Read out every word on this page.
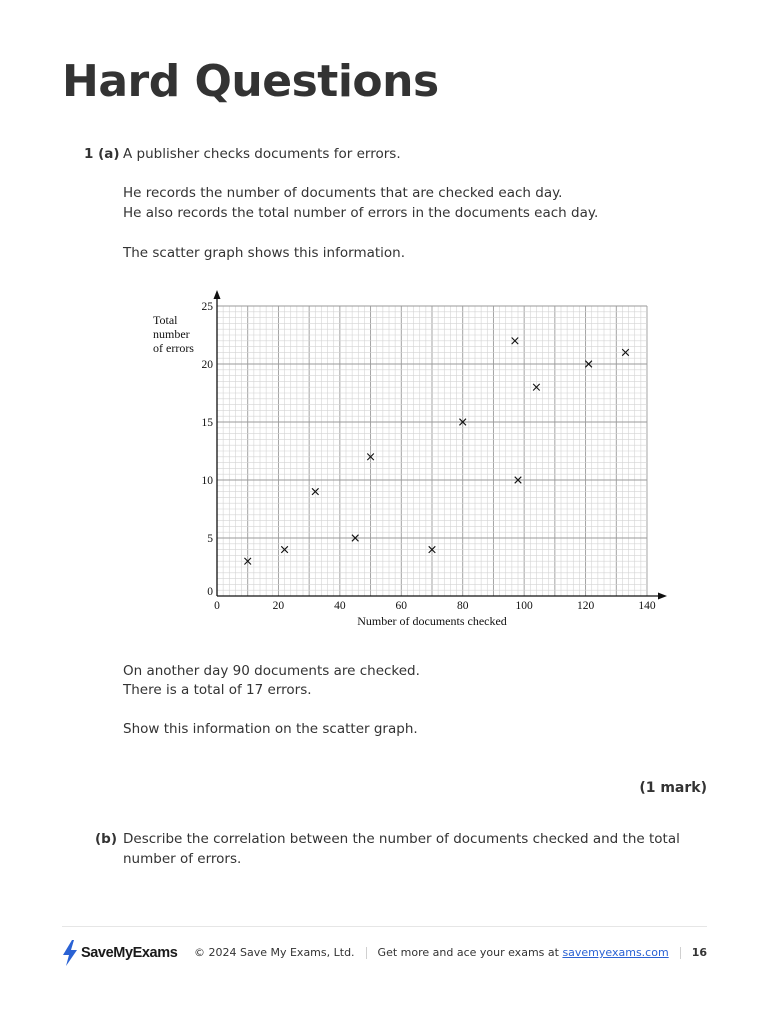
Hard Questions
1 (a) A publisher checks documents for errors.

He records the number of documents that are checked each day.

He also records the total number of errors in the documents each day.

The scatter graph shows this information.

0	20	40	60	80	100	120	140
0
5
10
15
20
25
Number of documents checked
Total
number
of errors

On another day 90 documents are checked.

There is a total of 17 errors.

Show this information on the scatter graph.

(1 mark)
(b) Describe the correlation between the number of documents checked and the total number of errors.

SaveMyExams © 2024 Save My Exams, Ltd. Get more and ace your exams at
savemyexams.com 16
